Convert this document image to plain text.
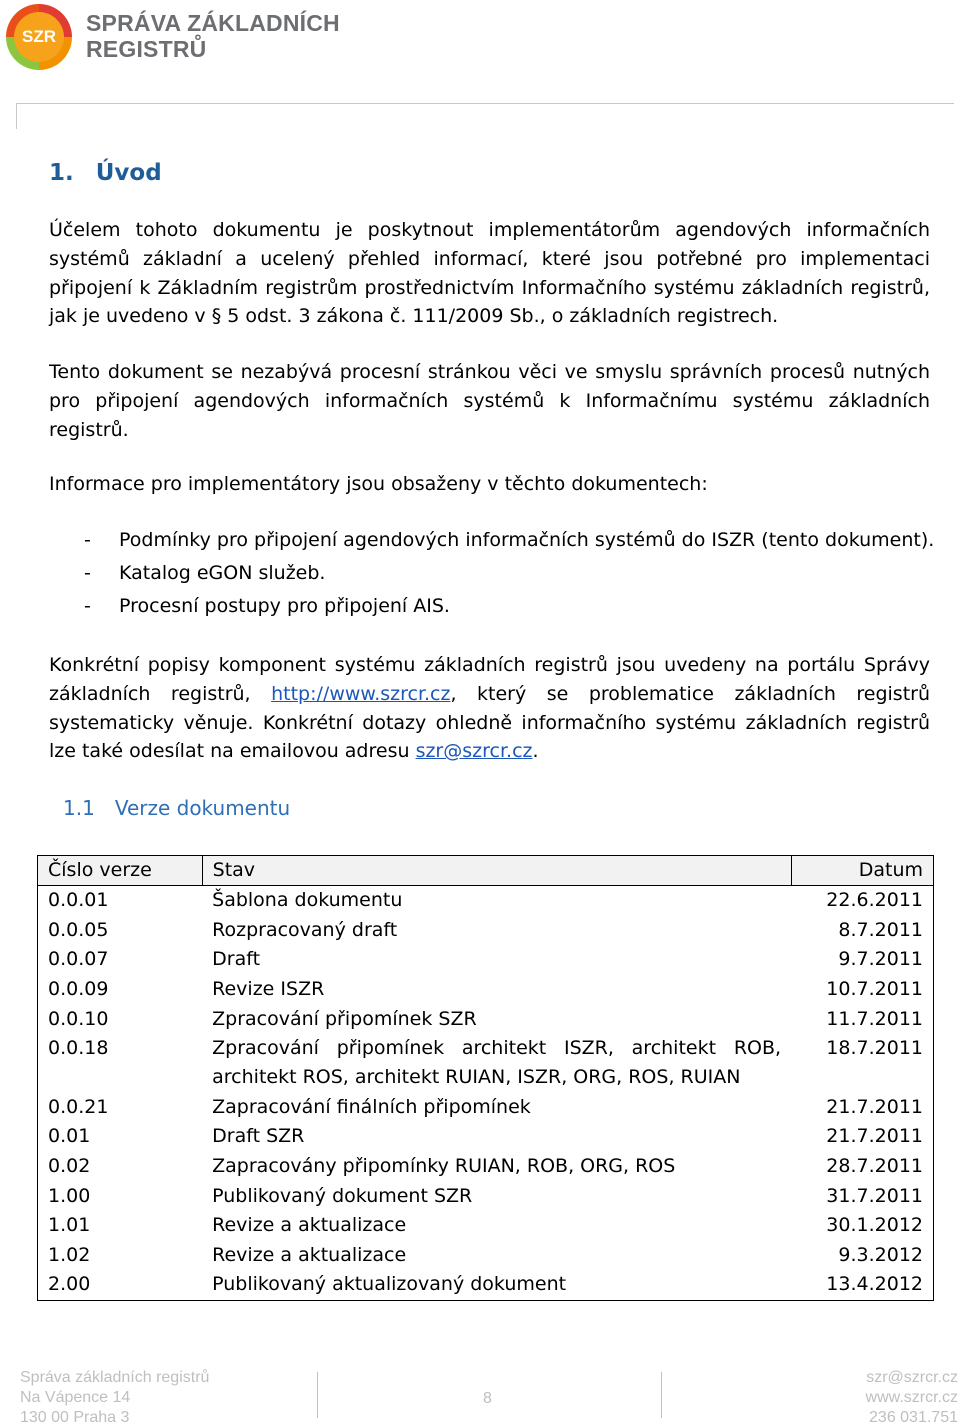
SZR
SPRÁVA ZÁKLADNÍCH
REGISTRŮ
1. Úvod
Účelem tohoto dokumentu je poskytnout implementátorům agendových informačních systémů základní a ucelený přehled informací, které jsou potřebné pro implementaci připojení k Základním registrům prostřednictvím Informačního systému základních registrů, jak je uvedeno v § 5 odst. 3 zákona č. 111/2009 Sb., o základních registrech.
Tento dokument se nezabývá procesní stránkou věci ve smyslu správních procesů nutných pro připojení agendových informačních systémů k Informačnímu systému základních registrů.
Informace pro implementátory jsou obsaženy v těchto dokumentech:
- Podmínky pro připojení agendových informačních systémů do ISZR (tento dokument).
- Katalog eGON služeb.
- Procesní postupy pro připojení AIS.
Konkrétní popisy komponent systému základních registrů jsou uvedeny na portálu Správy základních registrů, http://www.szrcr.cz, který se problematice základních registrů systematicky věnuje. Konkrétní dotazy ohledně informačního systému základních registrů lze také odesílat na emailovou adresu szr@szrcr.cz.
1.1 Verze dokumentu
Číslo verze	Stav	Datum
0.0.01	Šablona dokumentu	22.6.2011
0.0.05	Rozpracovaný draft	8.7.2011
0.0.07	Draft	9.7.2011
0.0.09	Revize ISZR	10.7.2011
0.0.10	Zpracování připomínek SZR	11.7.2011
0.0.18	Zpracování připomínek architekt ISZR, architekt ROB, architekt ROS, architekt RUIAN, ISZR, ORG, ROS, RUIAN	18.7.2011
0.0.21	Zapracování finálních připomínek	21.7.2011
0.01	Draft SZR	21.7.2011
0.02	Zapracovány připomínky RUIAN, ROB, ORG, ROS	28.7.2011
1.00	Publikovaný dokument SZR	31.7.2011
1.01	Revize a aktualizace	30.1.2012
1.02	Revize a aktualizace	9.3.2012
2.00	Publikovaný aktualizovaný dokument	13.4.2012
Správa základních registrů
Na Vápence 14
130 00 Praha 3
8
szr@szrcr.cz
www.szrcr.cz
236 031.751
